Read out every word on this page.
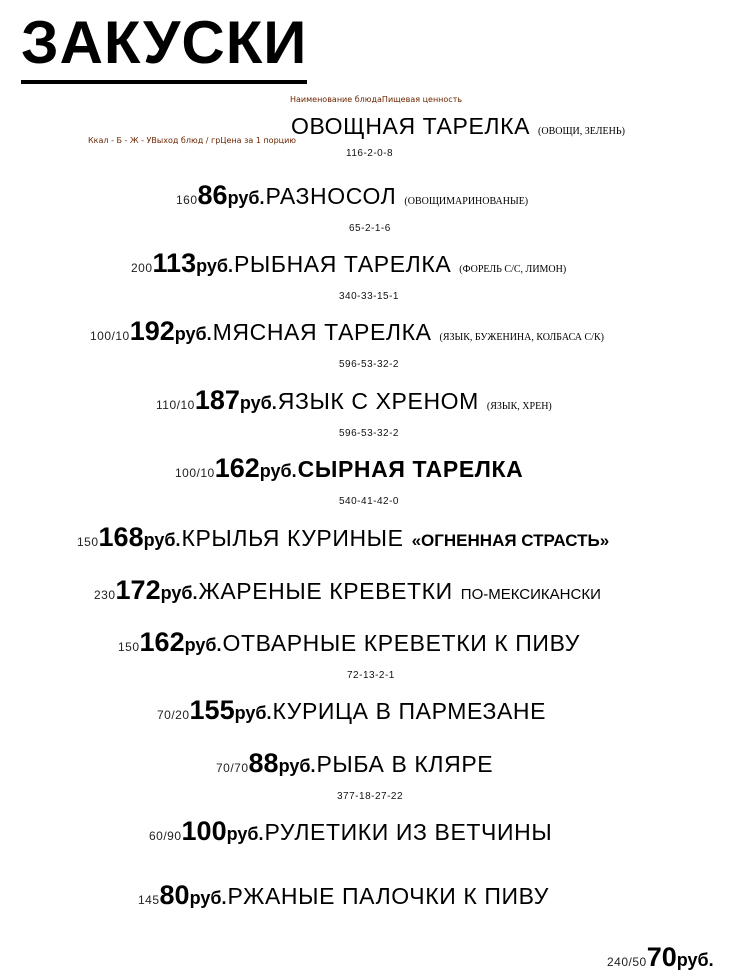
ЗАКУСКИ
Наименование блюдаПищевая ценность
Ккал - Б - Ж - УВыход блюд / грЦена за 1 порцию
ОВОЩНАЯ ТАРЕЛКА (ОВОЩИ, ЗЕЛЕНЬ)
116-2-0-8
160 86 руб. РАЗНОСОЛ (ОВОЩИМАРИНОВАНЫЕ)
65-2-1-6
200 113 руб. РЫБНАЯ ТАРЕЛКА (ФОРЕЛЬ С/С, ЛИМОН)
340-33-15-1
100/10 192 руб. МЯСНАЯ ТАРЕЛКА (ЯЗЫК, БУЖЕНИНА, КОЛБАСА С/К)
596-53-32-2
110/10 187 руб. ЯЗЫК С ХРЕНОМ (ЯЗЫК, ХРЕН)
596-53-32-2
100/10 162 руб. СЫРНАЯ ТАРЕЛКА
540-41-42-0
150 168 руб. КРЫЛЬЯ КУРИНЫЕ «ОГНЕННАЯ СТРАСТЬ»
230 172 руб. ЖАРЕНЫЕ КРЕВЕТКИ ПО-МЕКСИКАНСКИ
150 162 руб. ОТВАРНЫЕ КРЕВЕТКИ К ПИВУ
72-13-2-1
70/20 155 руб. КУРИЦА В ПАРМЕЗАНЕ
70/70 88 руб. РЫБА В КЛЯРЕ
377-18-27-22
60/90 100 руб. РУЛЕТИКИ ИЗ ВЕТЧИНЫ
145 80 руб. РЖАНЫЕ ПАЛОЧКИ К ПИВУ
240/50 70 руб.
